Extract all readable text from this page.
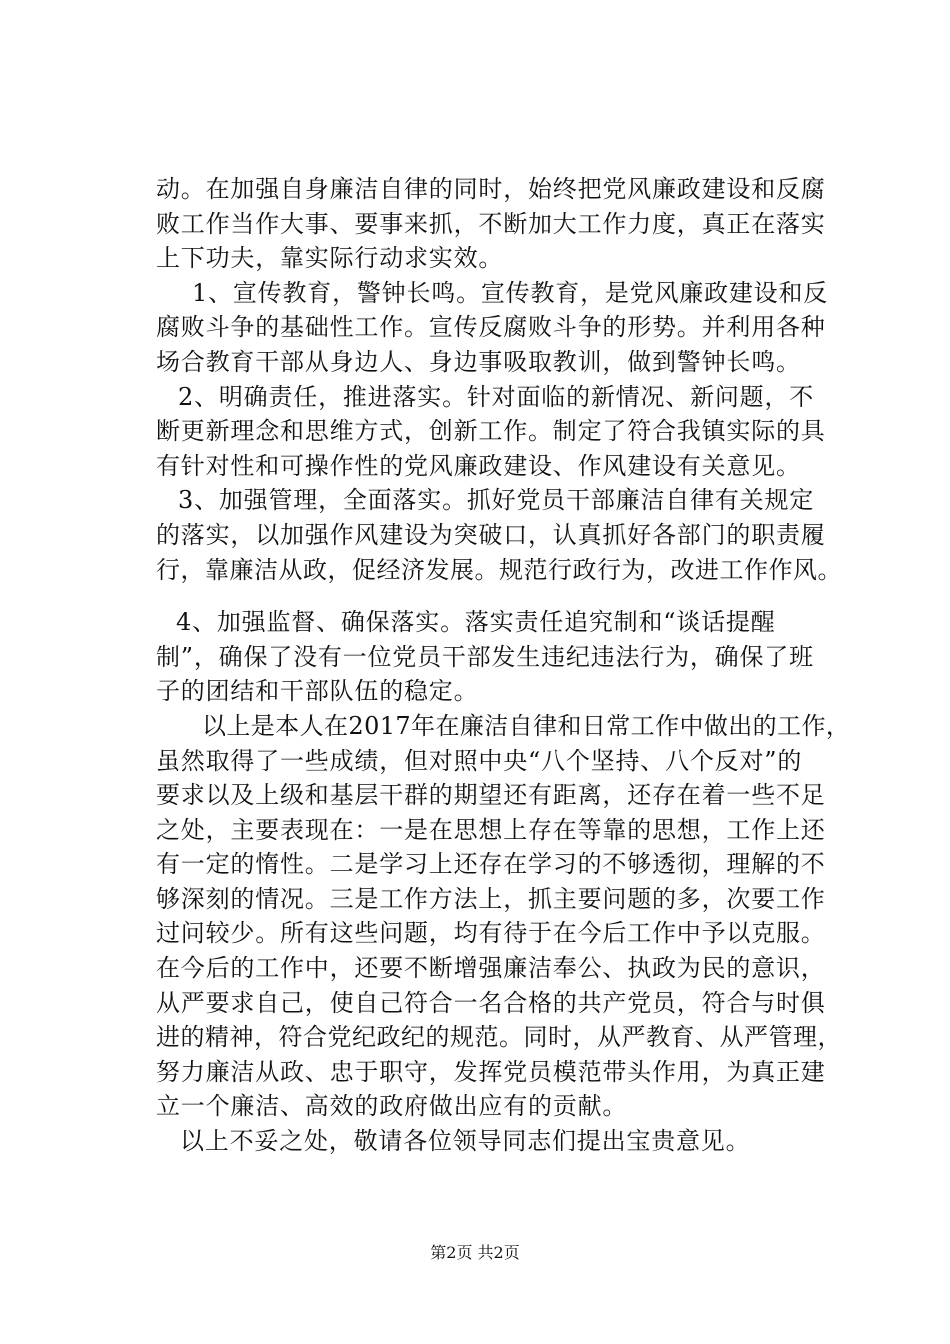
动。在加强自身廉洁自律的同时，始终把党风廉政建设和反腐
败工作当作大事、要事来抓，不断加大工作力度，真正在落实
上下功夫，靠实际行动求实效。
1、宣传教育，警钟长鸣。宣传教育，是党风廉政建设和反
腐败斗争的基础性工作。宣传反腐败斗争的形势。并利用各种
场合教育干部从身边人、身边事吸取教训，做到警钟长鸣。
2、明确责任，推进落实。针对面临的新情况、新问题，不
断更新理念和思维方式，创新工作。制定了符合我镇实际的具
有针对性和可操作性的党风廉政建设、作风建设有关意见。
3、加强管理，全面落实。抓好党员干部廉洁自律有关规定
的落实，以加强作风建设为突破口，认真抓好各部门的职责履
行，靠廉洁从政，促经济发展。规范行政行为，改进工作作风。
4、加强监督、确保落实。落实责任追究制和“谈话提醒
制”，确保了没有一位党员干部发生违纪违法行为，确保了班
子的团结和干部队伍的稳定。
以上是本人在2017年在廉洁自律和日常工作中做出的工作，
虽然取得了一些成绩，但对照中央“八个坚持、八个反对”的
要求以及上级和基层干群的期望还有距离，还存在着一些不足
之处，主要表现在：一是在思想上存在等靠的思想，工作上还
有一定的惰性。二是学习上还存在学习的不够透彻，理解的不
够深刻的情况。三是工作方法上，抓主要问题的多，次要工作
过问较少。所有这些问题，均有待于在今后工作中予以克服。
在今后的工作中，还要不断增强廉洁奉公、执政为民的意识，
从严要求自己，使自己符合一名合格的共产党员，符合与时俱
进的精神，符合党纪政纪的规范。同时，从严教育、从严管理，
努力廉洁从政、忠于职守，发挥党员模范带头作用，为真正建
立一个廉洁、高效的政府做出应有的贡献。
以上不妥之处，敬请各位领导同志们提出宝贵意见。
第2页 共2页
